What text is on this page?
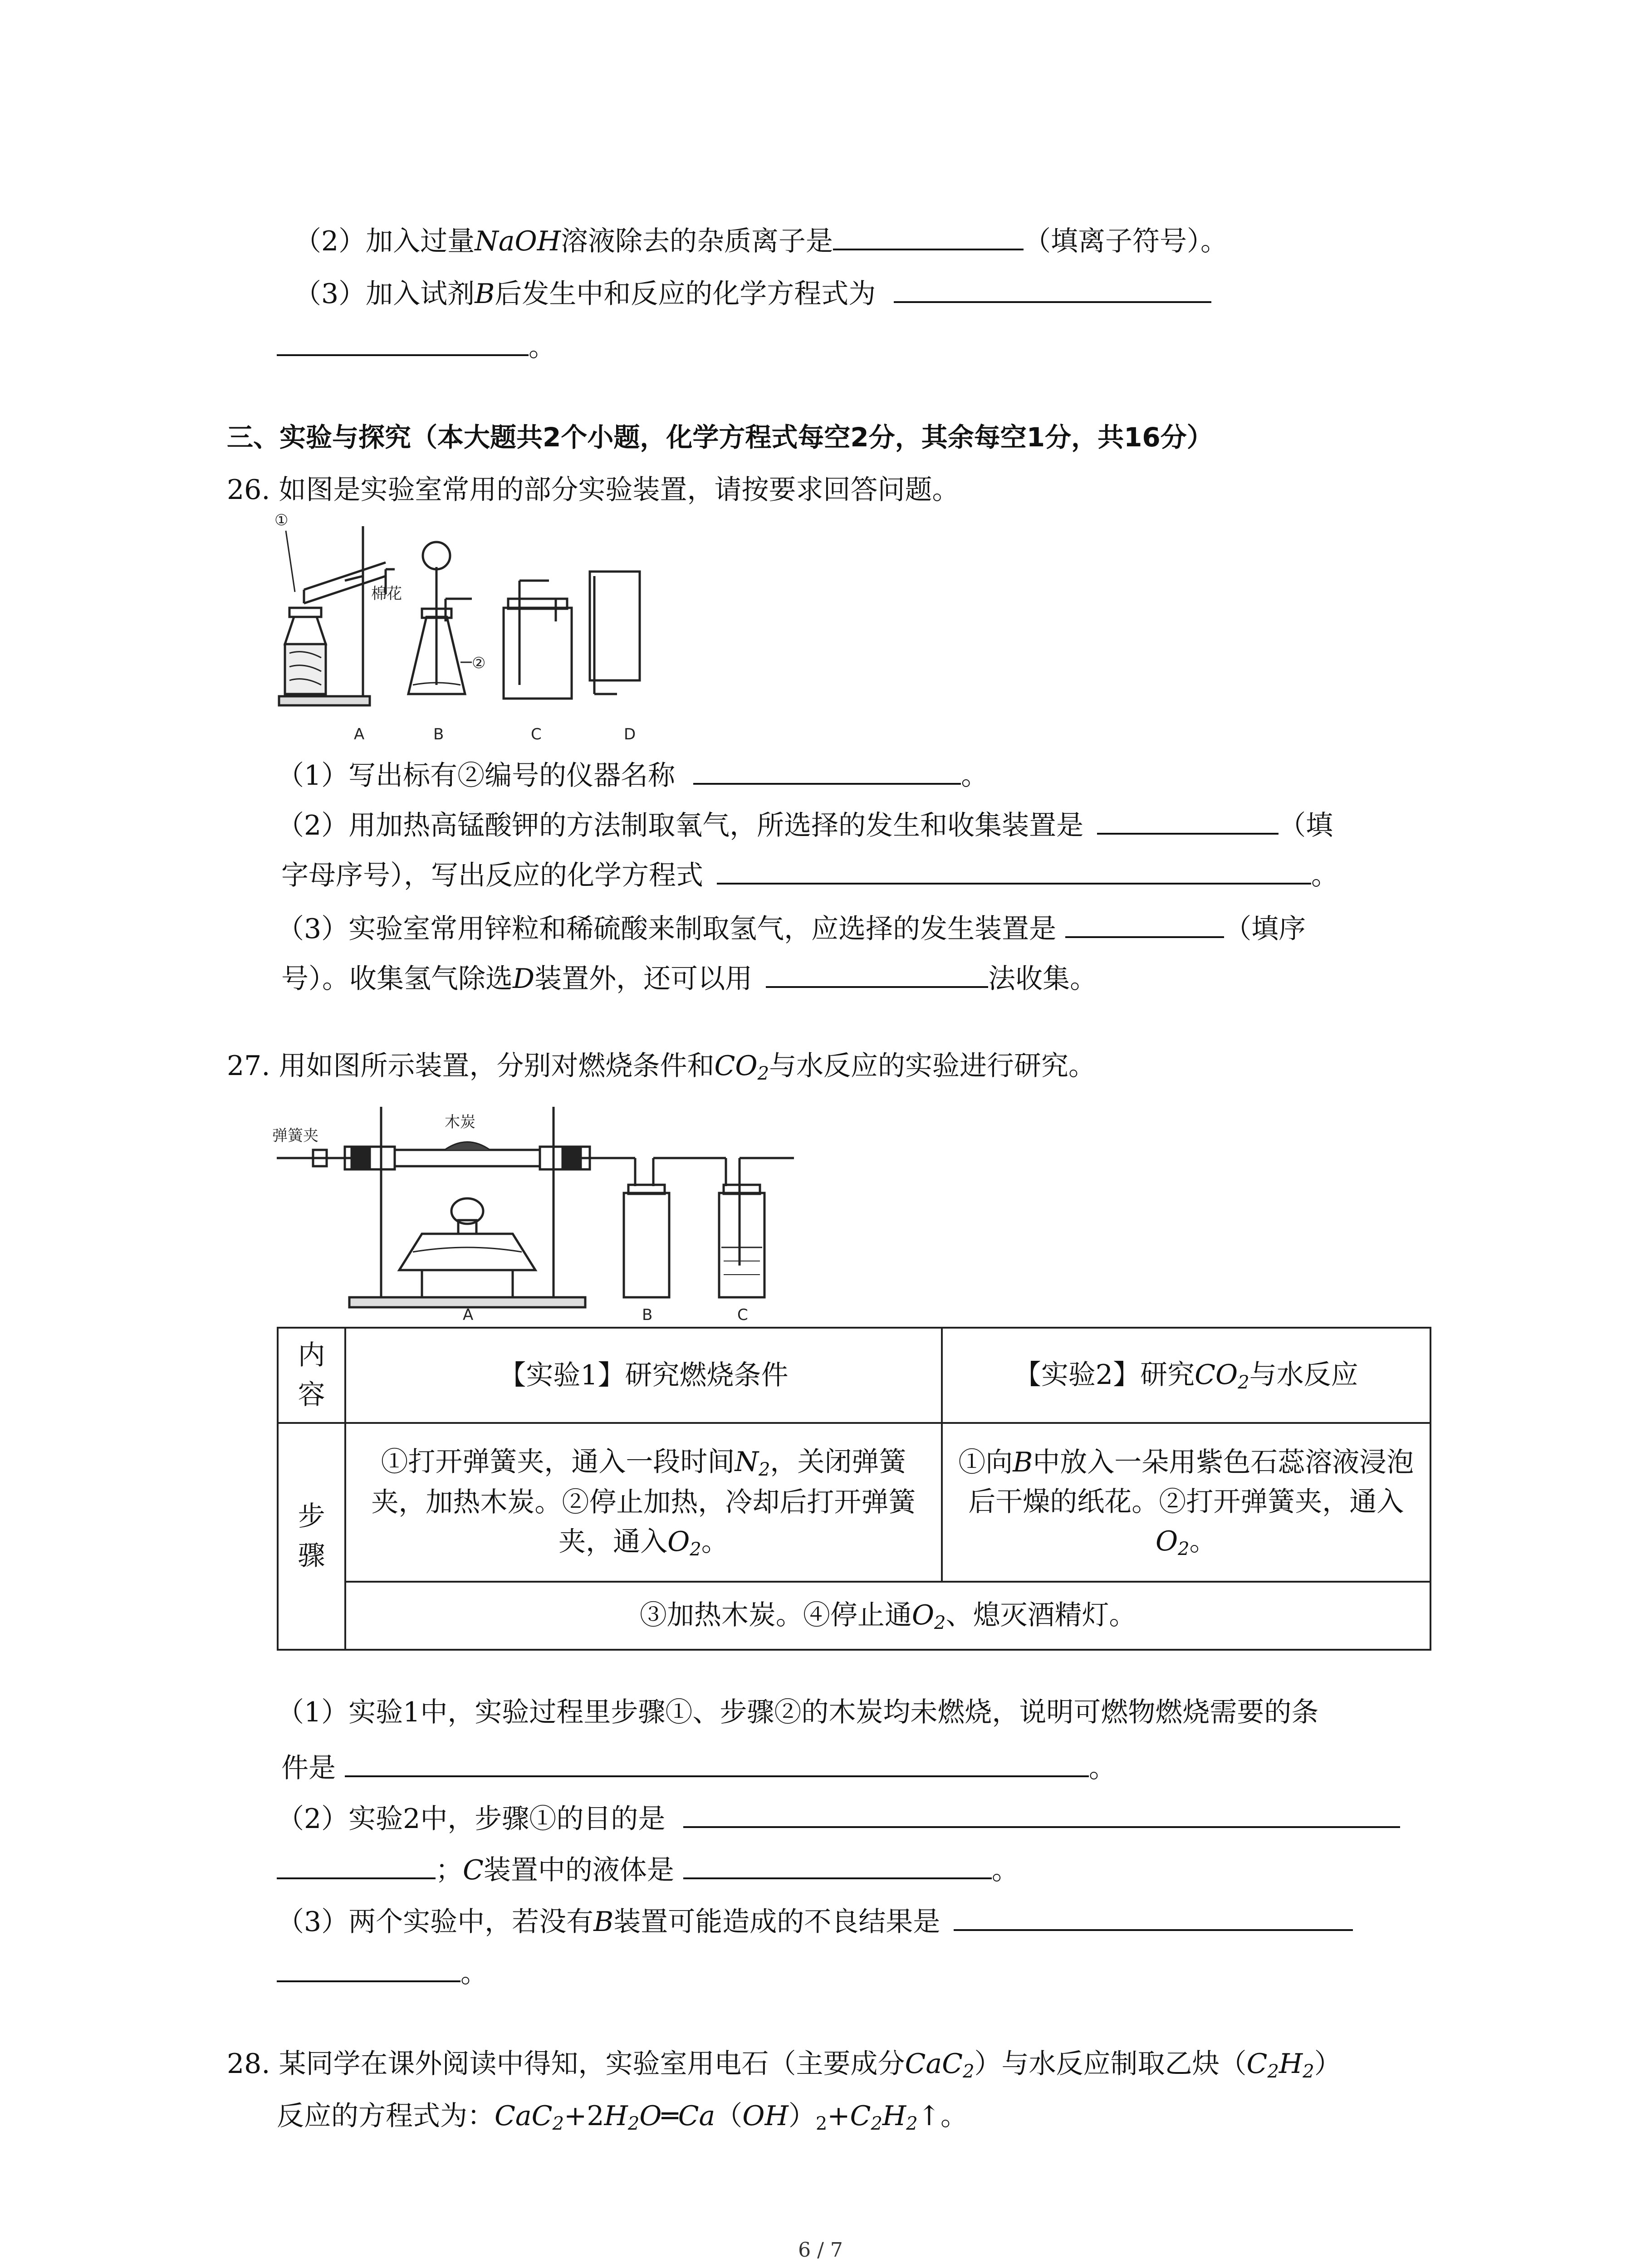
（2）加入过量NaOH溶液除去的杂质离子是	（填离子符号）。
（3）加入试剂B后发生中和反应的化学方程式为
。
三、实验与探究（本大题共2个小题，化学方程式每空2分，其余每空1分，共16分）
26. 如图是实验室常用的部分实验装置，请按要求回答问题。
①
②
棉花
A	B	C	D
（1）写出标有②编号的仪器名称	。
（2）用加热高锰酸钾的方法制取氧气，所选择的发生和收集装置是	（填
字母序号），写出反应的化学方程式	。
（3）实验室常用锌粒和稀硫酸来制取氢气，应选择的发生装置是	（填序
号）。收集氢气除选D装置外，还可以用	法收集。
27. 用如图所示装置，分别对燃烧条件和$CO_2$与水反应的实验进行研究。
弹簧夹
木炭
A	B	C
内容	【实验1】研究燃烧条件	【实验2】研究$CO_2$与水反应
步骤	①打开弹簧夹，通入一段时间$N_2$，关闭弹簧夹，加热木炭。②停止加热，冷却后打开弹簧夹，通入$O_2$。	①向B中放入一朵用紫色石蕊溶液浸泡后干燥的纸花。②打开弹簧夹，通入$O_2$。
	③加热木炭。④停止通$O_2$、熄灭酒精灯。	
（1）实验1中，实验过程里步骤①、步骤②的木炭均未燃烧，说明可燃物燃烧需要的条
件是	。
（2）实验2中，步骤①的目的是
；C装置中的液体是	。
（3）两个实验中，若没有B装置可能造成的不良结果是
。
28. 某同学在课外阅读中得知，实验室用电石（主要成分CaC$_2$）与水反应制取乙炔$(C_2H_2)$
反应的方程式为：$CaC_2+2H_2O═Ca(OH)_2+C_2H_2↑$。
6 / 7
